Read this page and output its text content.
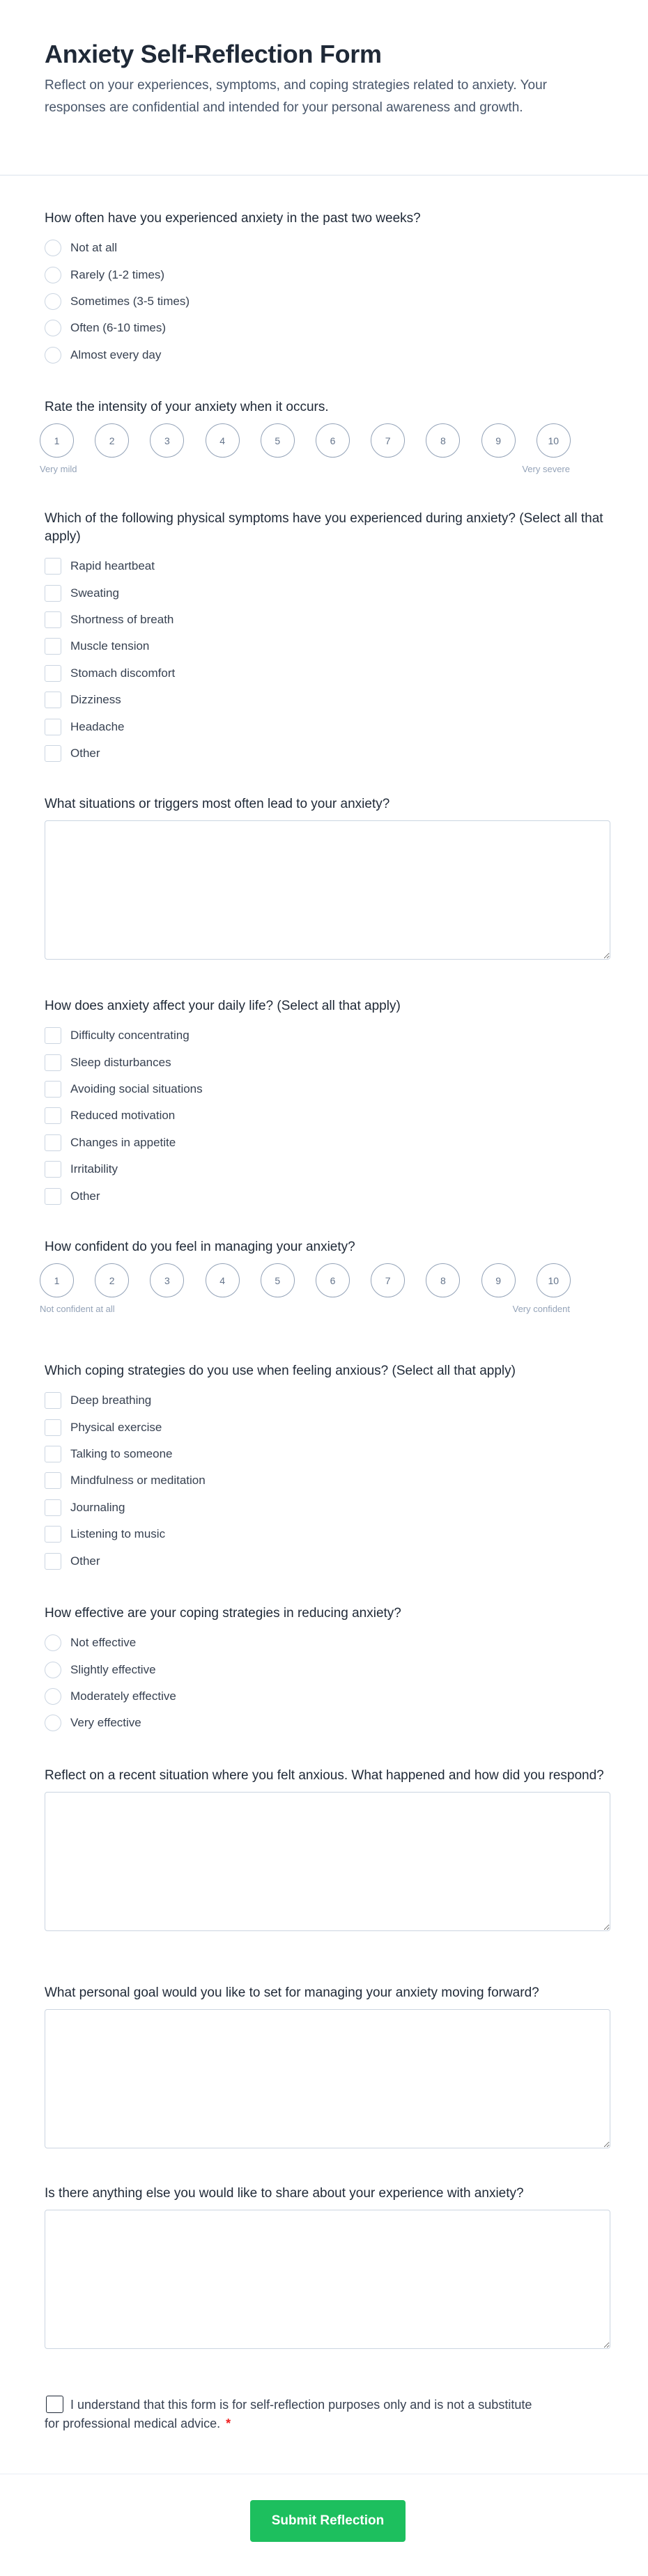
Anxiety Self-Reflection Form

Reflect on your experiences, symptoms, and coping strategies related to anxiety. Your responses are confidential and intended for your personal awareness and growth.

How often have you experienced anxiety in the past two weeks?
Not at all
Rarely (1-2 times)
Sometimes (3-5 times)
Often (6-10 times)
Almost every day
Rate the intensity of your anxiety when it occurs.
1	2	3	4	5	6	7	8	9	10
Very mild	Very severe
Which of the following physical symptoms have you experienced during anxiety? (Select all that apply)
Rapid heartbeat
Sweating
Shortness of breath
Muscle tension
Stomach discomfort
Dizziness
Headache
Other
What situations or triggers most often lead to your anxiety?
How does anxiety affect your daily life? (Select all that apply)
Difficulty concentrating
Sleep disturbances
Avoiding social situations
Reduced motivation
Changes in appetite
Irritability
Other
How confident do you feel in managing your anxiety?
1	2	3	4	5	6	7	8	9	10
Not confident at all	Very confident
Which coping strategies do you use when feeling anxious? (Select all that apply)
Deep breathing
Physical exercise
Talking to someone
Mindfulness or meditation
Journaling
Listening to music
Other
How effective are your coping strategies in reducing anxiety?
Not effective
Slightly effective
Moderately effective
Very effective
Reflect on a recent situation where you felt anxious. What happened and how did you respond?
What personal goal would you like to set for managing your anxiety moving forward?
Is there anything else you would like to share about your experience with anxiety?
I understand that this form is for self-reflection purposes only and is not a substitute for professional medical advice. *
Submit Reflection
